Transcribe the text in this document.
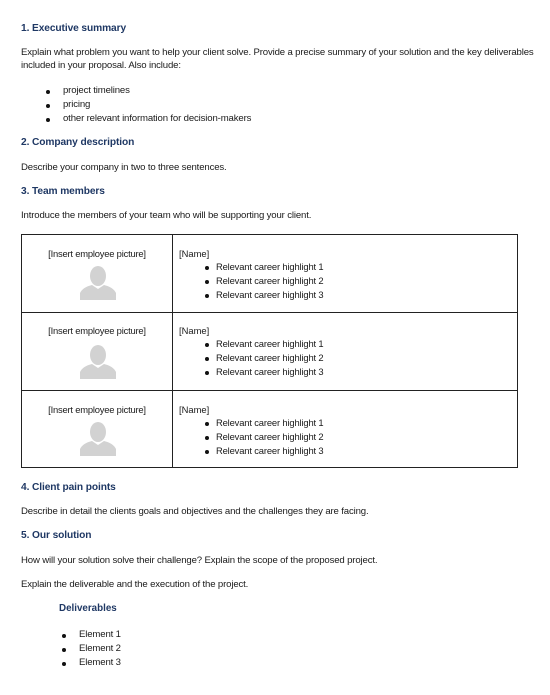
1. Executive summary
Explain what problem you want to help your client solve. Provide a precise summary of your solution and the key deliverables
included in your proposal. Also include:
project timelines
pricing
other relevant information for decision-makers
2. Company description
Describe your company in two to three sentences.
3. Team members
Introduce the members of your team who will be supporting your client.
[Insert employee picture]	[Name]
Relevant career highlight 1
Relevant career highlight 2
Relevant career highlight 3
[Insert employee picture]	[Name]
Relevant career highlight 1
Relevant career highlight 2
Relevant career highlight 3
[Insert employee picture]	[Name]
Relevant career highlight 1
Relevant career highlight 2
Relevant career highlight 3
4. Client pain points
Describe in detail the clients goals and objectives and the challenges they are facing.
5. Our solution
How will your solution solve their challenge? Explain the scope of the proposed project.
Explain the deliverable and the execution of the project.
Deliverables
Element 1
Element 2
Element 3
